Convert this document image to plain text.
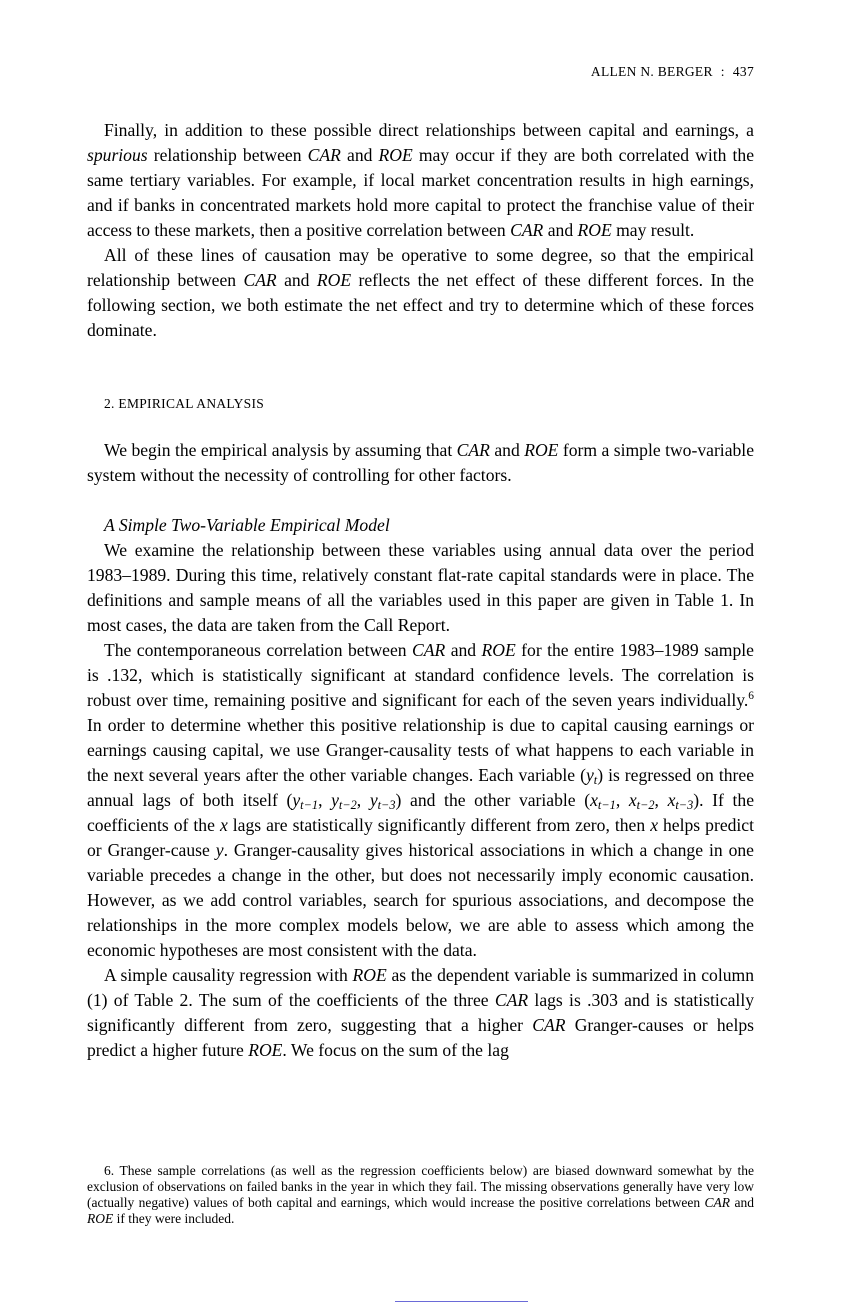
ALLEN N. BERGER : 437

Finally, in addition to these possible direct relationships between capital and earnings, a spurious relationship between CAR and ROE may occur if they are both correlated with the same tertiary variables. For example, if local market concentration results in high earnings, and if banks in concentrated markets hold more capital to protect the franchise value of their access to these markets, then a positive correlation between CAR and ROE may result.

All of these lines of causation may be operative to some degree, so that the empirical relationship between CAR and ROE reflects the net effect of these different forces. In the following section, we both estimate the net effect and try to determine which of these forces dominate.

2. EMPIRICAL ANALYSIS

We begin the empirical analysis by assuming that CAR and ROE form a simple two-variable system without the necessity of controlling for other factors.

A Simple Two-Variable Empirical Model

We examine the relationship between these variables using annual data over the period 1983–1989. During this time, relatively constant flat-rate capital standards were in place. The definitions and sample means of all the variables used in this paper are given in Table 1. In most cases, the data are taken from the Call Report.

The contemporaneous correlation between CAR and ROE for the entire 1983–1989 sample is .132, which is statistically significant at standard confidence levels. The correlation is robust over time, remaining positive and significant for each of the seven years individually.$^6$ In order to determine whether this positive relationship is due to capital causing earnings or earnings causing capital, we use Granger-causality tests of what happens to each variable in the next several years after the other variable changes. Each variable $(y_t)$ is regressed on three annual lags of both itself ($y_{t-1}$, $y_{t-2}$, $y_{t-3}$) and the other variable ($x_{t-1}$, $x_{t-2}$, $x_{t-3}$). If the coefficients of the x lags are statistically significantly different from zero, then x helps predict or Granger-cause y. Granger-causality gives historical associations in which a change in one variable precedes a change in the other, but does not necessarily imply economic causation. However, as we add control variables, search for spurious associations, and decompose the relationships in the more complex models below, we are able to assess which among the economic hypotheses are most consistent with the data.

A simple causality regression with ROE as the dependent variable is summarized in column (1) of Table 2. The sum of the coefficients of the three CAR lags is .303 and is statistically significantly different from zero, suggesting that a higher CAR Granger-causes or helps predict a higher future ROE. We focus on the sum of the lag

6. These sample correlations (as well as the regression coefficients below) are biased downward somewhat by the exclusion of observations on failed banks in the year in which they fail. The missing observations generally have very low (actually negative) values of both capital and earnings, which would increase the positive correlations between CAR and ROE if they were included.
